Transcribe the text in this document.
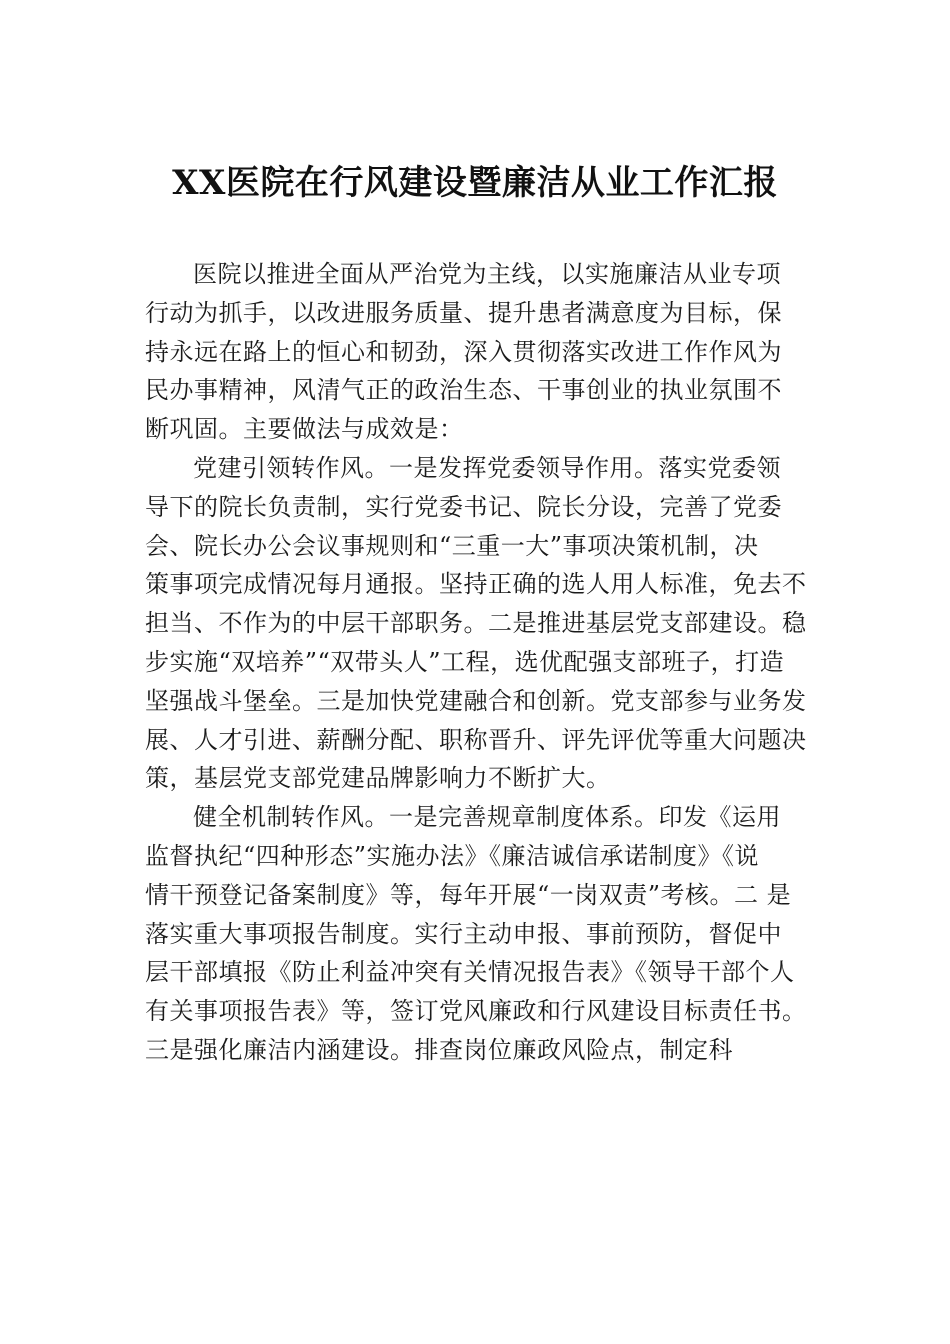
XX医院在行风建设暨廉洁从业工作汇报

医院以推进全面从严治党为主线，以实施廉洁从业专项
行动为抓手，以改进服务质量、提升患者满意度为目标，保
持永远在路上的恒心和韧劲，深入贯彻落实改进工作作风为
民办事精神，风清气正的政治生态、干事创业的执业氛围不
断巩固。主要做法与成效是：

党建引领转作风。一是发挥党委领导作用。落实党委领
导下的院长负责制，实行党委书记、院长分设，完善了党委
会、院长办公会议事规则和“三重一大”事项决策机制，决
策事项完成情况每月通报。坚持正确的选人用人标准，免去不
担当、不作为的中层干部职务。二是推进基层党支部建设。稳
步实施“双培养”“双带头人”工程，选优配强支部班子，打造
坚强战斗堡垒。三是加快党建融合和创新。党支部参与业务发
展、人才引进、薪酬分配、职称晋升、评先评优等重大问题决
策，基层党支部党建品牌影响力不断扩大。

健全机制转作风。一是完善规章制度体系。印发《运用
监督执纪“四种形态”实施办法》《廉洁诚信承诺制度》《说
情干预登记备案制度》等，每年开展“一岗双责”考核。二 是
落实重大事项报告制度。实行主动申报、事前预防，督促中
层干部填报《防止利益冲突有关情况报告表》《领导干部个人
有关事项报告表》等，签订党风廉政和行风建设目标责任书。
三是强化廉洁内涵建设。排查岗位廉政风险点，制定科
